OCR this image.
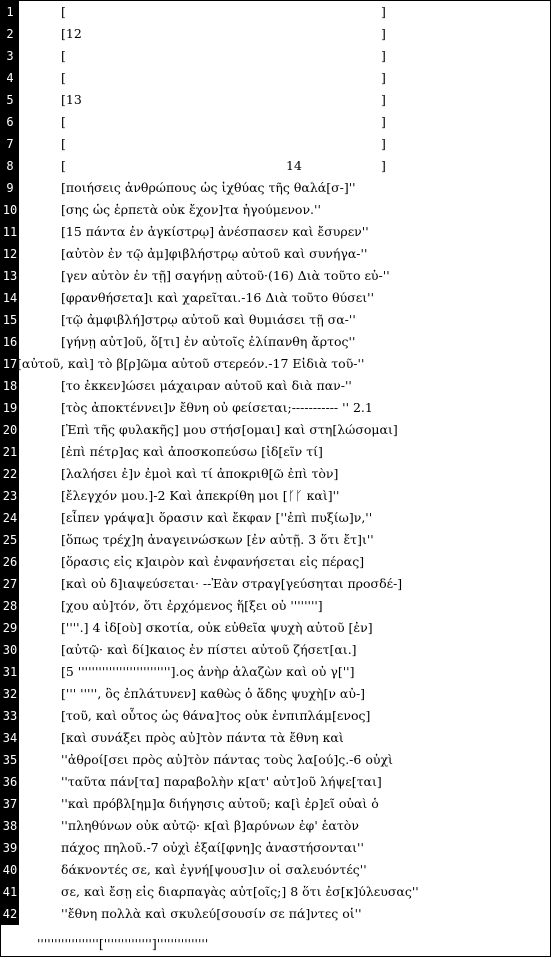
1	[	]
2	[12	]
3	[	]
4	[	]
5	[13	]
6	[	]
7	[	]
8	[	14	]
9	[ποιήσεις ἀνθρώπους ὡς ἰχθύας τῆς θαλά[σ-]''
10	[σης ὡς ἑρπετὰ οὐκ ἔχον]τα ἡγούμενον.''
11	[15 πάντα ἐν ἀγκίστρῳ] ἀνέσπασεν καὶ ἔσυρεν''
12	[αὐτὸν ἐν τῷ ἀμ]φιβλήστρῳ αὐτοῦ καὶ συνήγα-''
13	[γεν αὐτὸν ἐν τῇ] σαγήνῃ αὐτοῦ·(16) Διὰ τοῦτο εὐ-''
14	[φρανθήσετα]ι καὶ χαρεῖται.-16 Διὰ τοῦτο θύσει''
15	[τῷ ἀμφιβλή]στρῳ αὐτοῦ καὶ θυμιάσει τῇ σα-''
16	[γήνῃ αὐτ]οῦ, ὅ[τι] ἐν αὐτοῖς ἐλίπανθη ἄρτος''
17 [αὐτοῦ, καὶ] τὸ β[ρ]ῶμα αὐτοῦ στερεόν.-17 Εἰδιὰ τοῦ-''
18	[το ἐκκεν]ώσει μάχαιραν αὐτοῦ καὶ διὰ παν-''
19	[τὸς ἀποκτέννει]ν ἔθνη οὐ φείσεται;----------- '' 2.1
20	[Ἐπὶ τῆς φυλακῆς] μου στήσ[ομαι] καὶ στη[λώσομαι]
21	[ἐπὶ πέτρ]ας καὶ ἀποσκοπεύσω [ἰδ[εῖν τί]
22	[λαλήσει ἐ]ν ἐμοὶ καὶ τί ἀποκριθ[ῶ ἐπὶ τὸν]
23	[ἔλεγχόν μου.]-2 Καὶ ἀπεκρίθη μοι [ᚴᚴ καὶ]''
24	[εἶπεν γράψα]ι ὅρασιν καὶ ἔκφαν [''ἐπὶ πυξίω]ν,''
25	[ὅπως τρέχ]η ἀναγεινώσκων [ἐν αὐτῇ. 3 ὅτι ἔτ]ι''
26	[ὅρασις εἰς κ]αιρὸν καὶ ἐνφανήσεται εἰς πέρας]
27	[καὶ οὐ δ]ιαψεύσεται· --Ἐὰν στραγ[γεύσηται προσδέ-]
28	[χου αὐ]τόν, ὅτι ἐρχόμενος ἥ[ξει οὐ '''''''']
29	[''''.] 4 ἰδ[οὺ] σκοτία, οὐκ εὐθεῖα ψυχὴ αὐτοῦ [ἐν]
30	[αὐτῷ· καὶ δί]καιος ἐν πίστει αὐτοῦ ζήσετ[αι.]
31	[5 '''''''''''''''''''''''''''].ος ἀνὴρ ἀλαζὼν καὶ οὐ γ['']
32	[''' ''''', ὃς ἐπλάτυνεν] καθὼς ὁ ἅδης ψυχὴ[ν αὐ-]
33	[τοῦ, καὶ οὗτος ὡς θάνα]τος οὐκ ἐνπιπλάμ[ενος]
34	[καὶ συνάξει πρὸς αὐ]τὸν πάντα τὰ ἔθνη καὶ
35	''ἀθροί[σει πρὸς αὐ]τὸν πάντας τοὺς λα[ού]ς.-6 οὐχὶ
36	''ταῦτα πάν[τα] παραβολὴν κ[ατ' αὐτ]οῦ λήψε[ται]
37	''καὶ πρόβλ[ημ]α διήγησις αὐτοῦ; κα[ὶ ἐρ]εῖ οὐαὶ ὁ
38	''πληθύνων οὐκ αὐτῷ· κ[αὶ β]αρύνων ἐφ' ἑατὸν
39	πάχος πηλοῦ.-7 οὐχὶ ἐξαί[φνη]ς ἀναστήσονται''
40	δάκνοντές σε, καὶ ἐγνή[ψουσ]ιν οἱ σαλευόντές''
41	σε, καὶ ἔσῃ εἰς διαρπαγὰς αὐτ[οῖς;] 8 ὅτι ἐσ[κ]ύλευσας''
42	''ἔθνη πολλὰ καὶ σκυλεύ[σουσίν σε πά]ντες οἱ''
''''''''''''''''''['''''''''''''']'''''''''''''''
